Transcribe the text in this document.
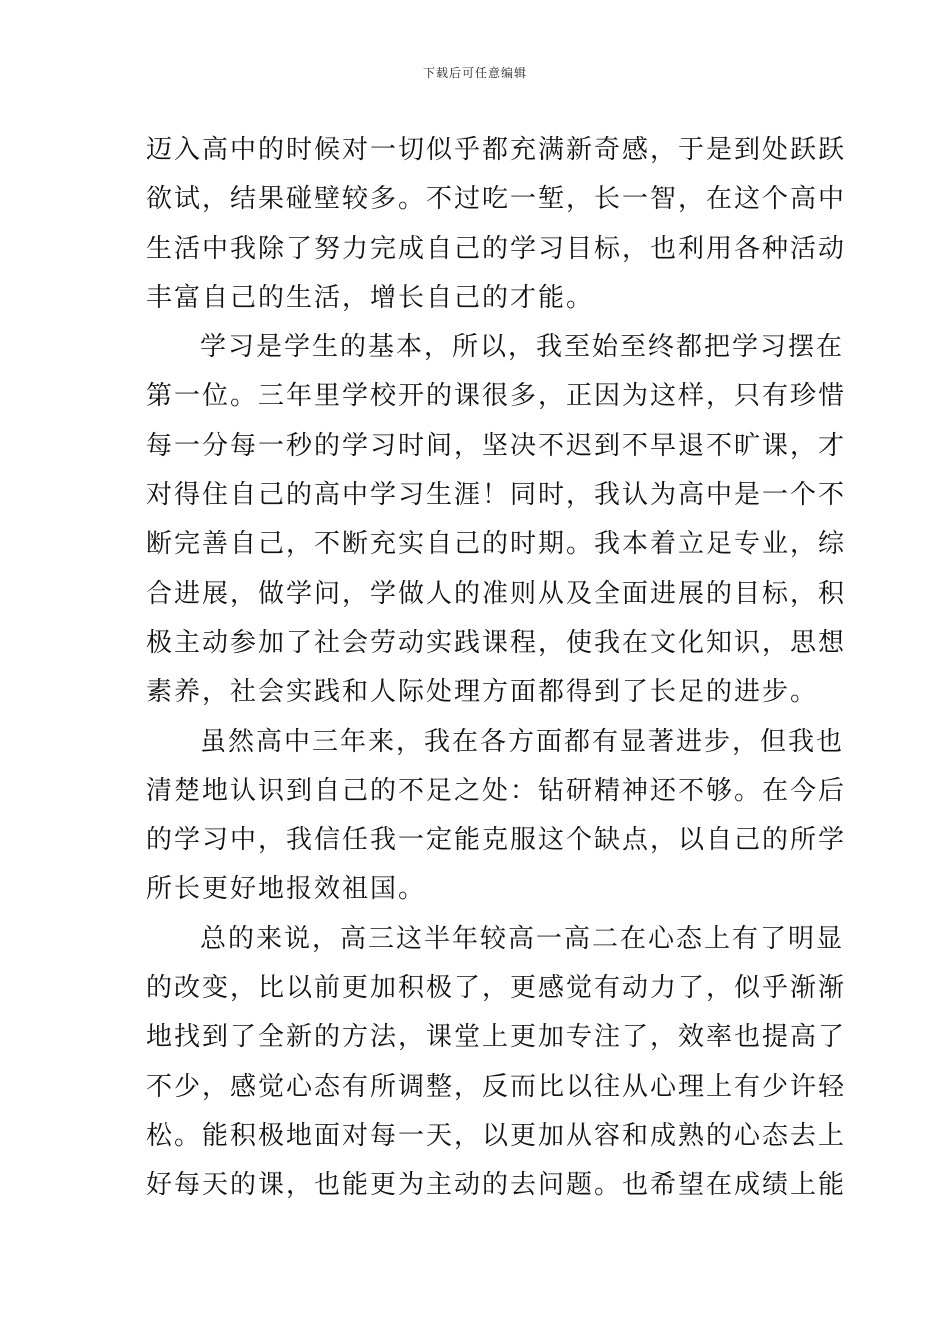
下载后可任意编辑

迈入高中的时候对一切似乎都充满新奇感，于是到处跃跃
欲试，结果碰壁较多。不过吃一堑，长一智，在这个高中
生活中我除了努力完成自己的学习目标，也利用各种活动
丰富自己的生活，增长自己的才能。

学习是学生的基本，所以，我至始至终都把学习摆在
第一位。三年里学校开的课很多，正因为这样，只有珍惜
每一分每一秒的学习时间，坚决不迟到不早退不旷课，才
对得住自己的高中学习生涯！同时，我认为高中是一个不
断完善自己，不断充实自己的时期。我本着立足专业，综
合进展，做学问，学做人的准则从及全面进展的目标，积
极主动参加了社会劳动实践课程，使我在文化知识，思想
素养，社会实践和人际处理方面都得到了长足的进步。

虽然高中三年来，我在各方面都有显著进步，但我也
清楚地认识到自己的不足之处：钻研精神还不够。在今后
的学习中，我信任我一定能克服这个缺点，以自己的所学
所长更好地报效祖国。

总的来说，高三这半年较高一高二在心态上有了明显
的改变，比以前更加积极了，更感觉有动力了，似乎渐渐
地找到了全新的方法，课堂上更加专注了，效率也提高了
不少，感觉心态有所调整，反而比以往从心理上有少许轻
松。能积极地面对每一天，以更加从容和成熟的心态去上
好每天的课，也能更为主动的去问题。也希望在成绩上能
